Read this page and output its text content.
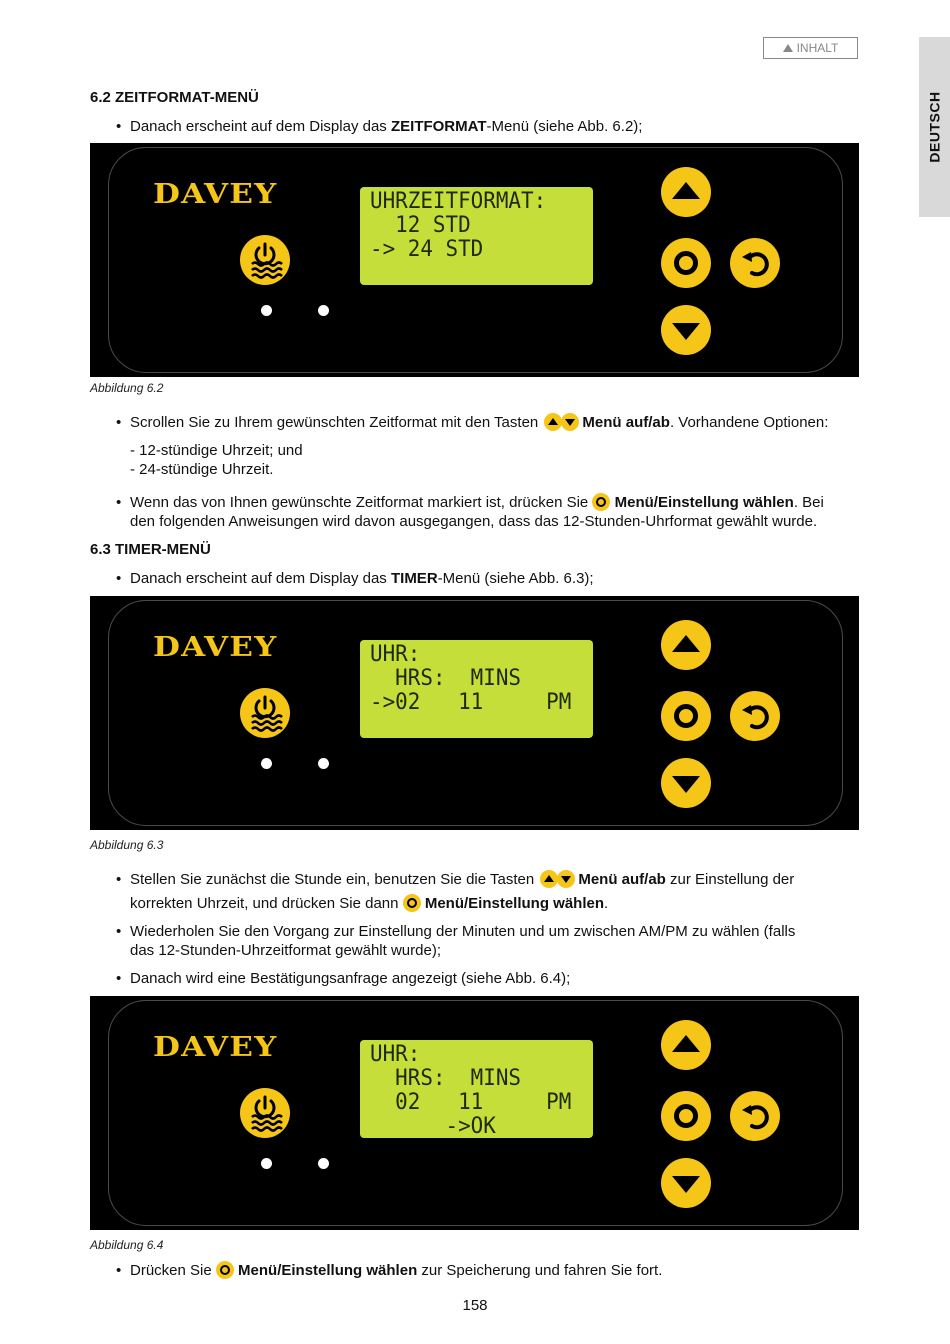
INHALT
DEUTSCH
6.2 ZEITFORMAT-MENÜ
• Danach erscheint auf dem Display das ZEITFORMAT-Menü (siehe Abb. 6.2);
DAVEY	UHRZEITFORMAT:
12 STD
-> 24 STD
Abbildung 6.2
• Scrollen Sie zu Ihrem gewünschten Zeitformat mit den Tasten	Menü auf/ab. Vorhandene Optionen:
- 12-stündige Uhrzeit; und
- 24-stündige Uhrzeit.
• Wenn das von Ihnen gewünschte Zeitformat markiert ist, drücken Sie  Menü/Einstellung wählen. Bei
den folgenden Anweisungen wird davon ausgegangen, dass das 12-Stunden-Uhrformat gewählt wurde.
6.3 TIMER-MENÜ
• Danach erscheint auf dem Display das TIMER-Menü (siehe Abb. 6.3);
DAVEY	UHR:
HRS:  MINS
->02   11     PM
Abbildung 6.3
• Stellen Sie zunächst die Stunde ein, benutzen Sie die Tasten	Menü auf/ab zur Einstellung der
korrekten Uhrzeit, und drücken Sie dann  Menü/Einstellung wählen.
• Wiederholen Sie den Vorgang zur Einstellung der Minuten und um zwischen AM/PM zu wählen (falls
das 12-Stunden-Uhrzeitformat gewählt wurde);
• Danach wird eine Bestätigungsanfrage angezeigt (siehe Abb. 6.4);
DAVEY	UHR:
HRS:  MINS
02   11     PM
->OK
Abbildung 6.4
• Drücken Sie  Menü/Einstellung wählen zur Speicherung und fahren Sie fort.
158
